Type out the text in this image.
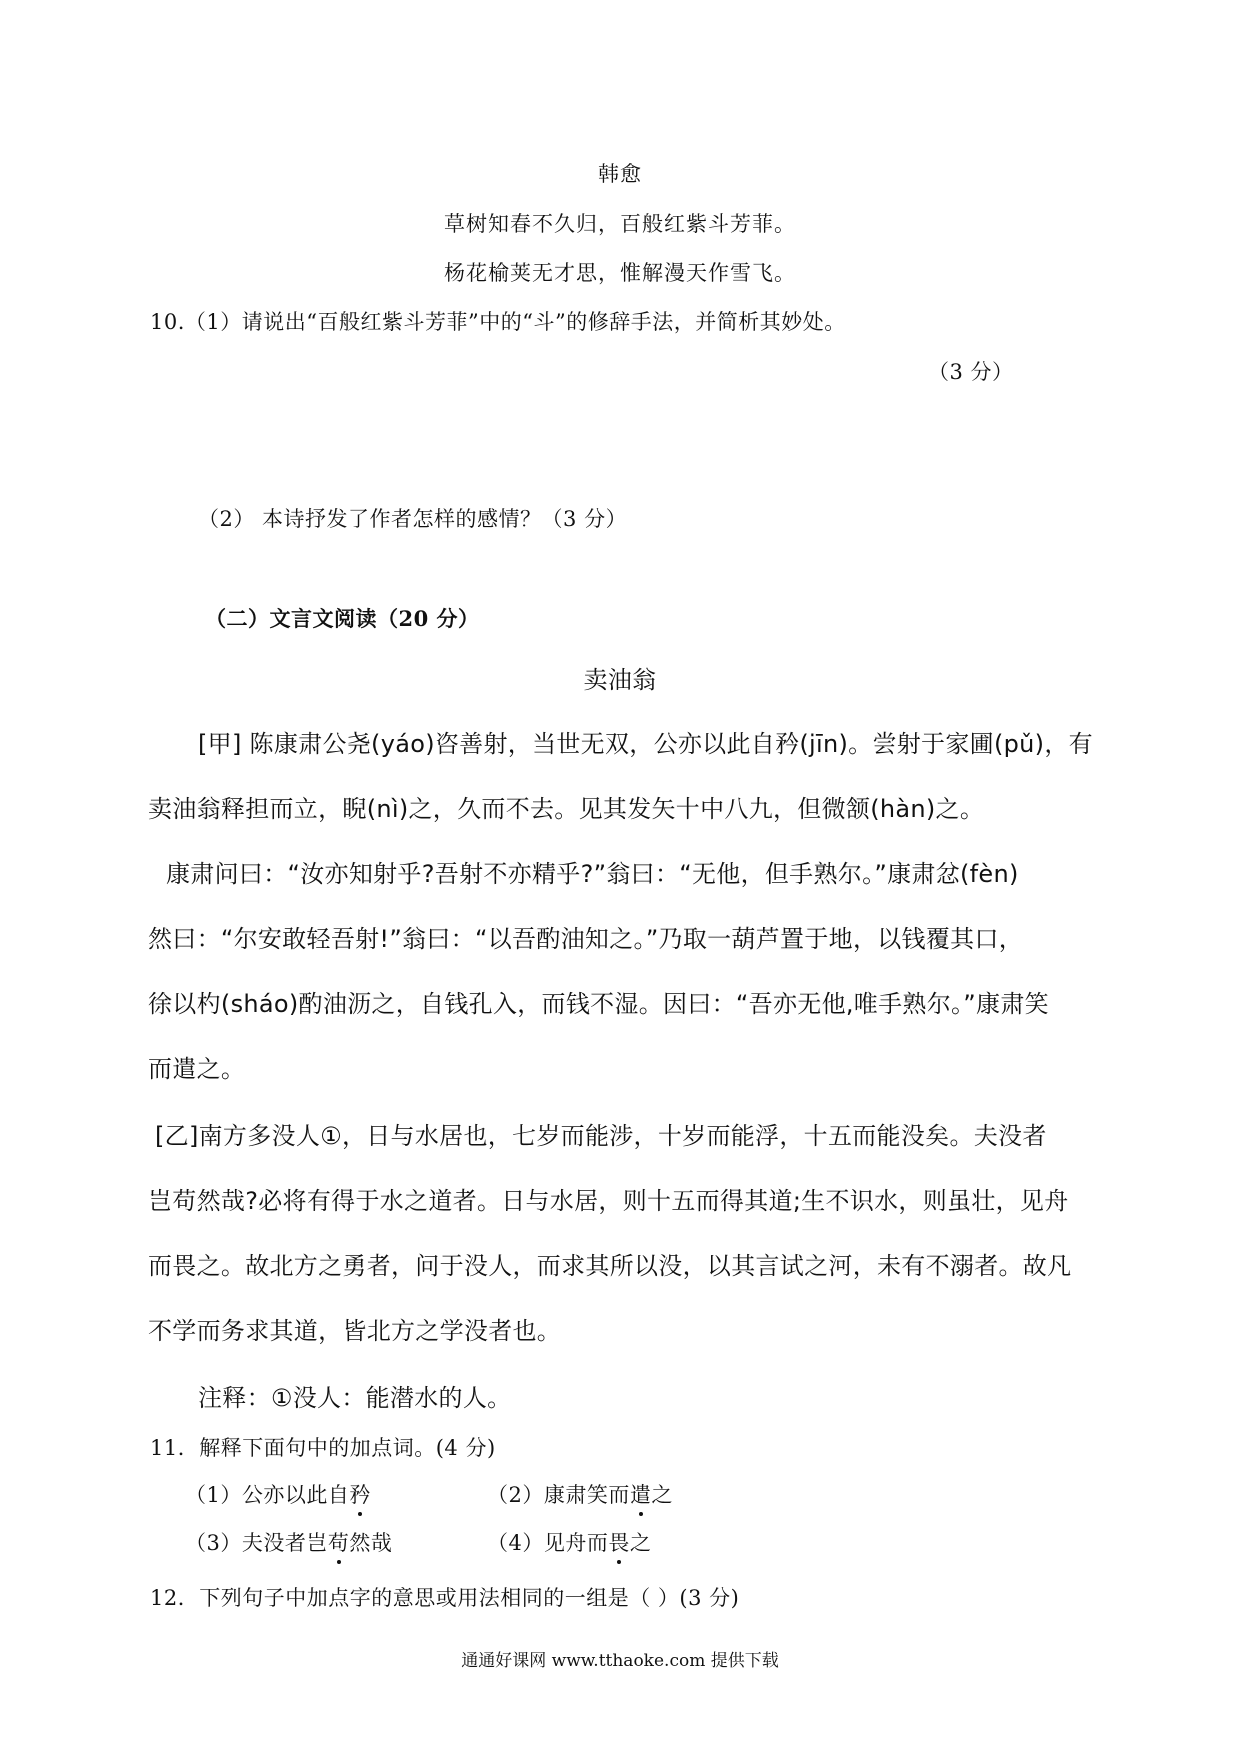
韩愈
草树知春不久归，百般红紫斗芳菲。
杨花榆荚无才思，惟解漫天作雪飞。
10.（1）请说出“百般红紫斗芳菲”中的“斗”的修辞手法，并简析其妙处。
（3 分）
（2） 本诗抒发了作者怎样的感情？（3 分）
（二）文言文阅读（20 分）
卖油翁
[甲] 陈康肃公尧(yáo)咨善射，当世无双，公亦以此自矜(jīn)。尝射于家圃(pǔ)，有
卖油翁释担而立，睨(nì)之，久而不去。见其发矢十中八九，但微颔(hàn)之。
康肃问曰：“汝亦知射乎?吾射不亦精乎?”翁曰：“无他，但手熟尔。”康肃忿(fèn)
然曰：“尔安敢轻吾射!”翁曰：“以吾酌油知之。”乃取一葫芦置于地，以钱覆其口，
徐以杓(sháo)酌油沥之，自钱孔入，而钱不湿。因曰：“吾亦无他,唯手熟尔。”康肃笑
而遣之。
[乙]南方多没人①，日与水居也，七岁而能涉，十岁而能浮，十五而能没矣。夫没者
岂苟然哉?必将有得于水之道者。日与水居，则十五而得其道;生不识水，则虽壮，见舟
而畏之。故北方之勇者，问于没人，而求其所以没，以其言试之河，未有不溺者。故凡
不学而务求其道，皆北方之学没者也。
注释：①没人：能潜水的人。
11．解释下面句中的加点词。(4 分)
（1）公亦以此自矜	（2）康肃笑而遣之
（3）夫没者岂苟然哉	（4）见舟而畏之
12．下列句子中加点字的意思或用法相同的一组是（ ）(3 分)
通通好课网 www.tthaoke.com 提供下载
